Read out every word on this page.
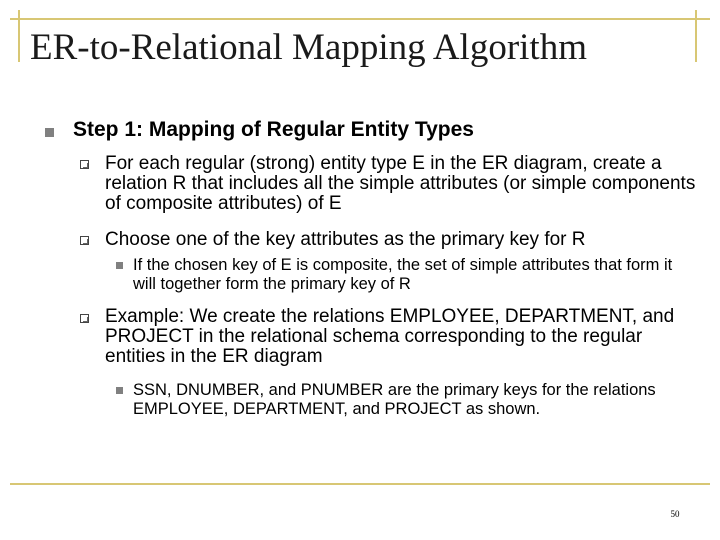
ER-to-Relational Mapping Algorithm
Step 1: Mapping of Regular Entity Types
For each regular (strong) entity type E in the ER diagram, create a relation R that includes all the simple attributes (or simple components of composite attributes) of E
Choose one of the key attributes as the primary key for R
If the chosen key of E is composite, the set of simple attributes that form it will together form the primary key of R
Example: We create the relations EMPLOYEE, DEPARTMENT, and PROJECT in the relational schema corresponding to the regular entities in the ER diagram
SSN, DNUMBER, and PNUMBER are the primary keys for the relations EMPLOYEE, DEPARTMENT, and PROJECT as shown.
50
